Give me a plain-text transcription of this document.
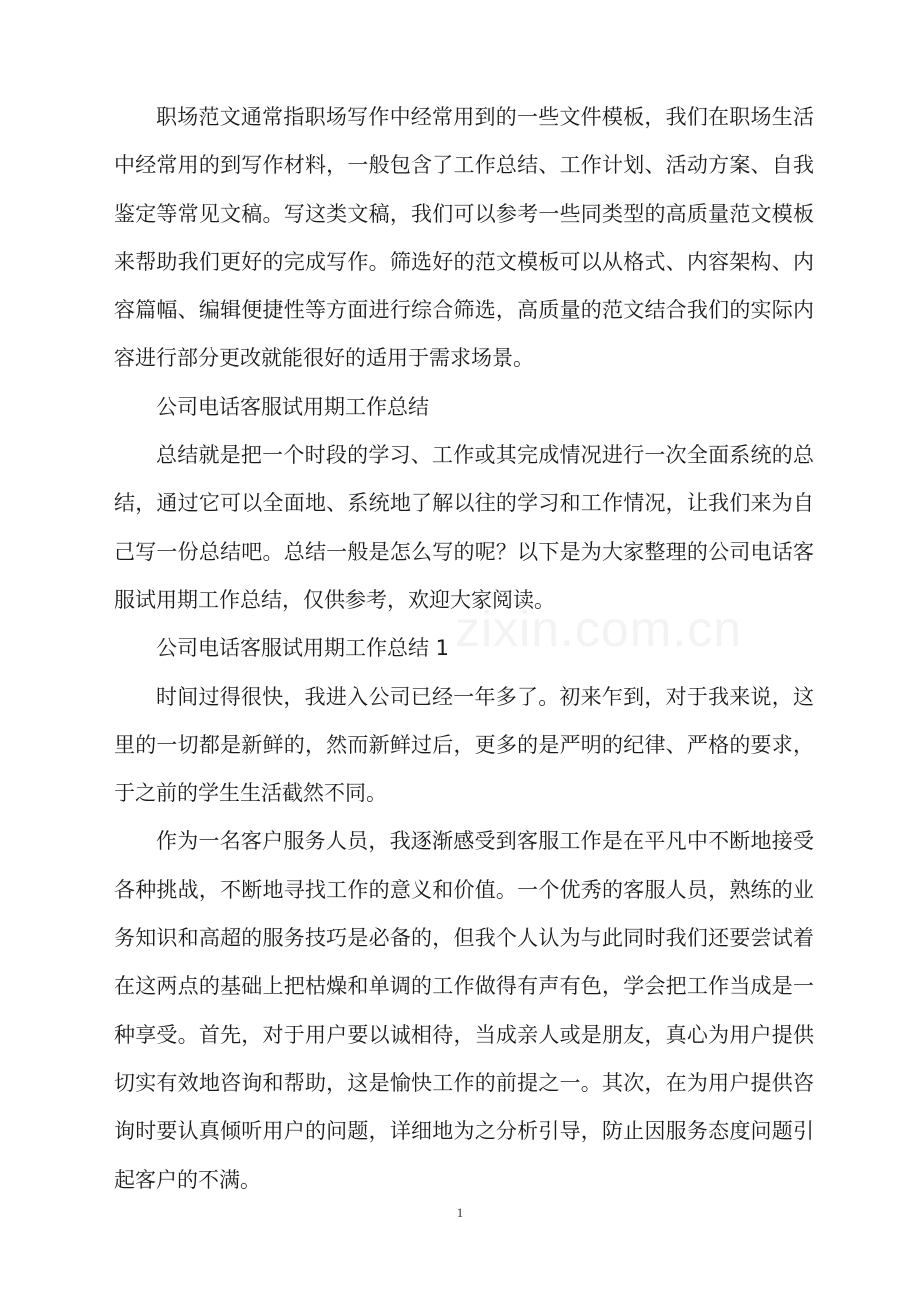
职场范文通常指职场写作中经常用到的一些文件模板，我们在职场生活中经常用的到写作材料，一般包含了工作总结、工作计划、活动方案、自我鉴定等常见文稿。写这类文稿，我们可以参考一些同类型的高质量范文模板来帮助我们更好的完成写作。筛选好的范文模板可以从格式、内容架构、内容篇幅、编辑便捷性等方面进行综合筛选，高质量的范文结合我们的实际内容进行部分更改就能很好的适用于需求场景。

公司电话客服试用期工作总结

总结就是把一个时段的学习、工作或其完成情况进行一次全面系统的总结，通过它可以全面地、系统地了解以往的学习和工作情况，让我们来为自己写一份总结吧。总结一般是怎么写的呢？以下是为大家整理的公司电话客服试用期工作总结，仅供参考，欢迎大家阅读。

公司电话客服试用期工作总结 1

时间过得很快，我进入公司已经一年多了。初来乍到，对于我来说，这里的一切都是新鲜的，然而新鲜过后，更多的是严明的纪律、严格的要求，于之前的学生生活截然不同。

作为一名客户服务人员，我逐渐感受到客服工作是在平凡中不断地接受各种挑战，不断地寻找工作的意义和价值。一个优秀的客服人员，熟练的业务知识和高超的服务技巧是必备的，但我个人认为与此同时我们还要尝试着在这两点的基础上把枯燥和单调的工作做得有声有色，学会把工作当成是一种享受。首先，对于用户要以诚相待，当成亲人或是朋友，真心为用户提供切实有效地咨询和帮助，这是愉快工作的前提之一。其次，在为用户提供咨询时要认真倾听用户的问题，详细地为之分析引导，防止因服务态度问题引起客户的不满。

zixin.com.cn
1
